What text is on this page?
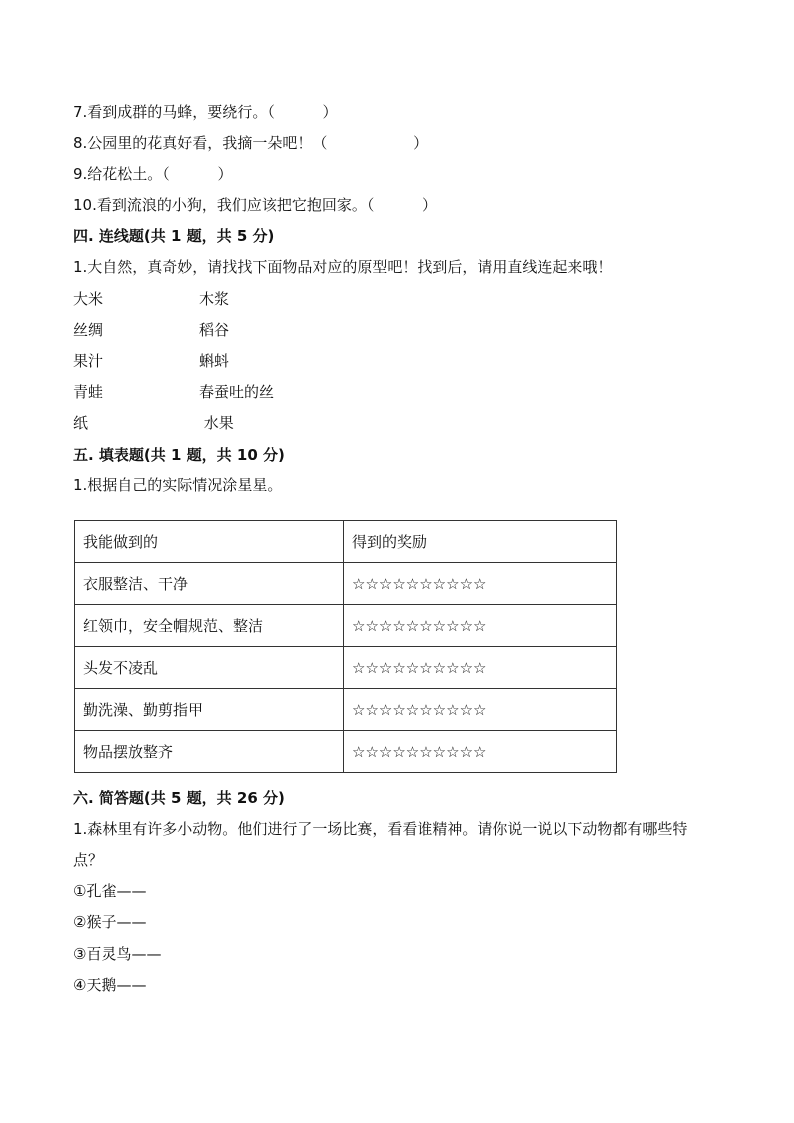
7.看到成群的马蜂，要绕行。（          ）

8.公园里的花真好看，我摘一朵吧！（                  ）

9.给花松土。（          ）

10.看到流浪的小狗，我们应该把它抱回家。（          ）

四. 连线题(共 1 题，共 5 分)

1.大自然，真奇妙，请找找下面物品对应的原型吧！找到后，请用直线连起来哦！

大米	木浆
丝绸	稻谷
果汁	蝌蚪
青蛙	春蚕吐的丝
纸	水果

五. 填表题(共 1 题，共 10 分)

1.根据自己的实际情况涂星星。

我能做到的	得到的奖励
衣服整洁、干净	☆☆☆☆☆☆☆☆☆☆
红领巾，安全帽规范、整洁	☆☆☆☆☆☆☆☆☆☆
头发不凌乱	☆☆☆☆☆☆☆☆☆☆
勤洗澡、勤剪指甲	☆☆☆☆☆☆☆☆☆☆
物品摆放整齐	☆☆☆☆☆☆☆☆☆☆

六. 简答题(共 5 题，共 26 分)

1.森林里有许多小动物。他们进行了一场比赛，看看谁精神。请你说一说以下动物都有哪些特

点？

①孔雀——

②猴子——

③百灵鸟——

④天鹅——
